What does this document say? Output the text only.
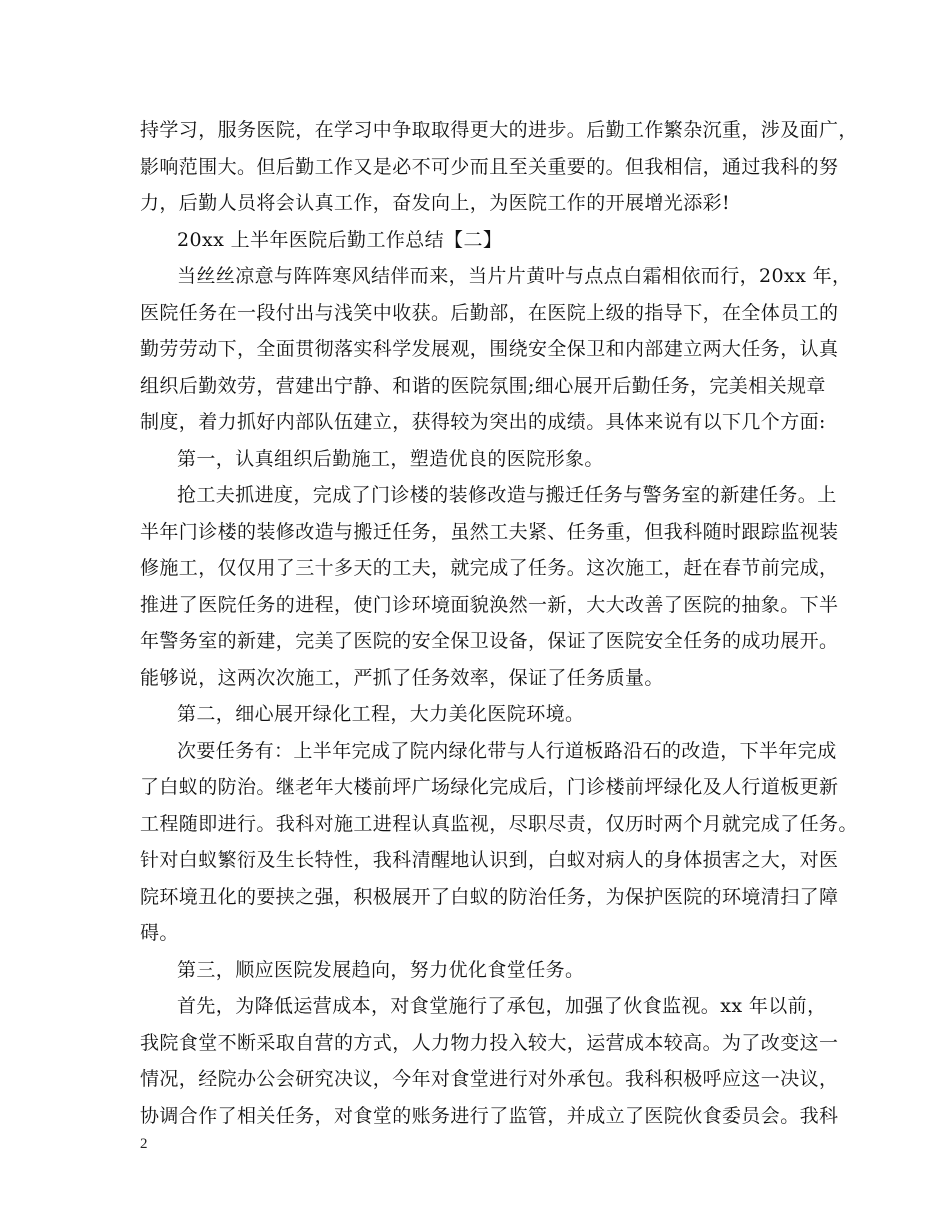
持学习，服务医院，在学习中争取取得更大的进步。后勤工作繁杂沉重，涉及面广，
影响范围大。但后勤工作又是必不可少而且至关重要的。但我相信，通过我科的努
力，后勤人员将会认真工作，奋发向上，为医院工作的开展增光添彩!
20xx 上半年医院后勤工作总结【二】
当丝丝凉意与阵阵寒风结伴而来，当片片黄叶与点点白霜相依而行，20xx 年，
医院任务在一段付出与浅笑中收获。后勤部，在医院上级的指导下，在全体员工的
勤劳劳动下，全面贯彻落实科学发展观，围绕安全保卫和内部建立两大任务，认真
组织后勤效劳，营建出宁静、和谐的医院氛围;细心展开后勤任务，完美相关规章
制度，着力抓好内部队伍建立，获得较为突出的成绩。具体来说有以下几个方面:
第一，认真组织后勤施工，塑造优良的医院形象。
抢工夫抓进度，完成了门诊楼的装修改造与搬迁任务与警务室的新建任务。上
半年门诊楼的装修改造与搬迁任务，虽然工夫紧、任务重，但我科随时跟踪监视装
修施工，仅仅用了三十多天的工夫，就完成了任务。这次施工，赶在春节前完成，
推进了医院任务的进程，使门诊环境面貌涣然一新，大大改善了医院的抽象。下半
年警务室的新建，完美了医院的安全保卫设备，保证了医院安全任务的成功展开。
能够说，这两次次施工，严抓了任务效率，保证了任务质量。
第二，细心展开绿化工程，大力美化医院环境。
次要任务有：上半年完成了院内绿化带与人行道板路沿石的改造，下半年完成
了白蚁的防治。继老年大楼前坪广场绿化完成后，门诊楼前坪绿化及人行道板更新
工程随即进行。我科对施工进程认真监视，尽职尽责，仅历时两个月就完成了任务。
针对白蚁繁衍及生长特性，我科清醒地认识到，白蚁对病人的身体损害之大，对医
院环境丑化的要挟之强，积极展开了白蚁的防治任务，为保护医院的环境清扫了障
碍。
第三，顺应医院发展趋向，努力优化食堂任务。
首先，为降低运营成本，对食堂施行了承包，加强了伙食监视。xx 年以前，
我院食堂不断采取自营的方式，人力物力投入较大，运营成本较高。为了改变这一
情况，经院办公会研究决议，今年对食堂进行对外承包。我科积极呼应这一决议，
协调合作了相关任务，对食堂的账务进行了监管，并成立了医院伙食委员会。我科
2
